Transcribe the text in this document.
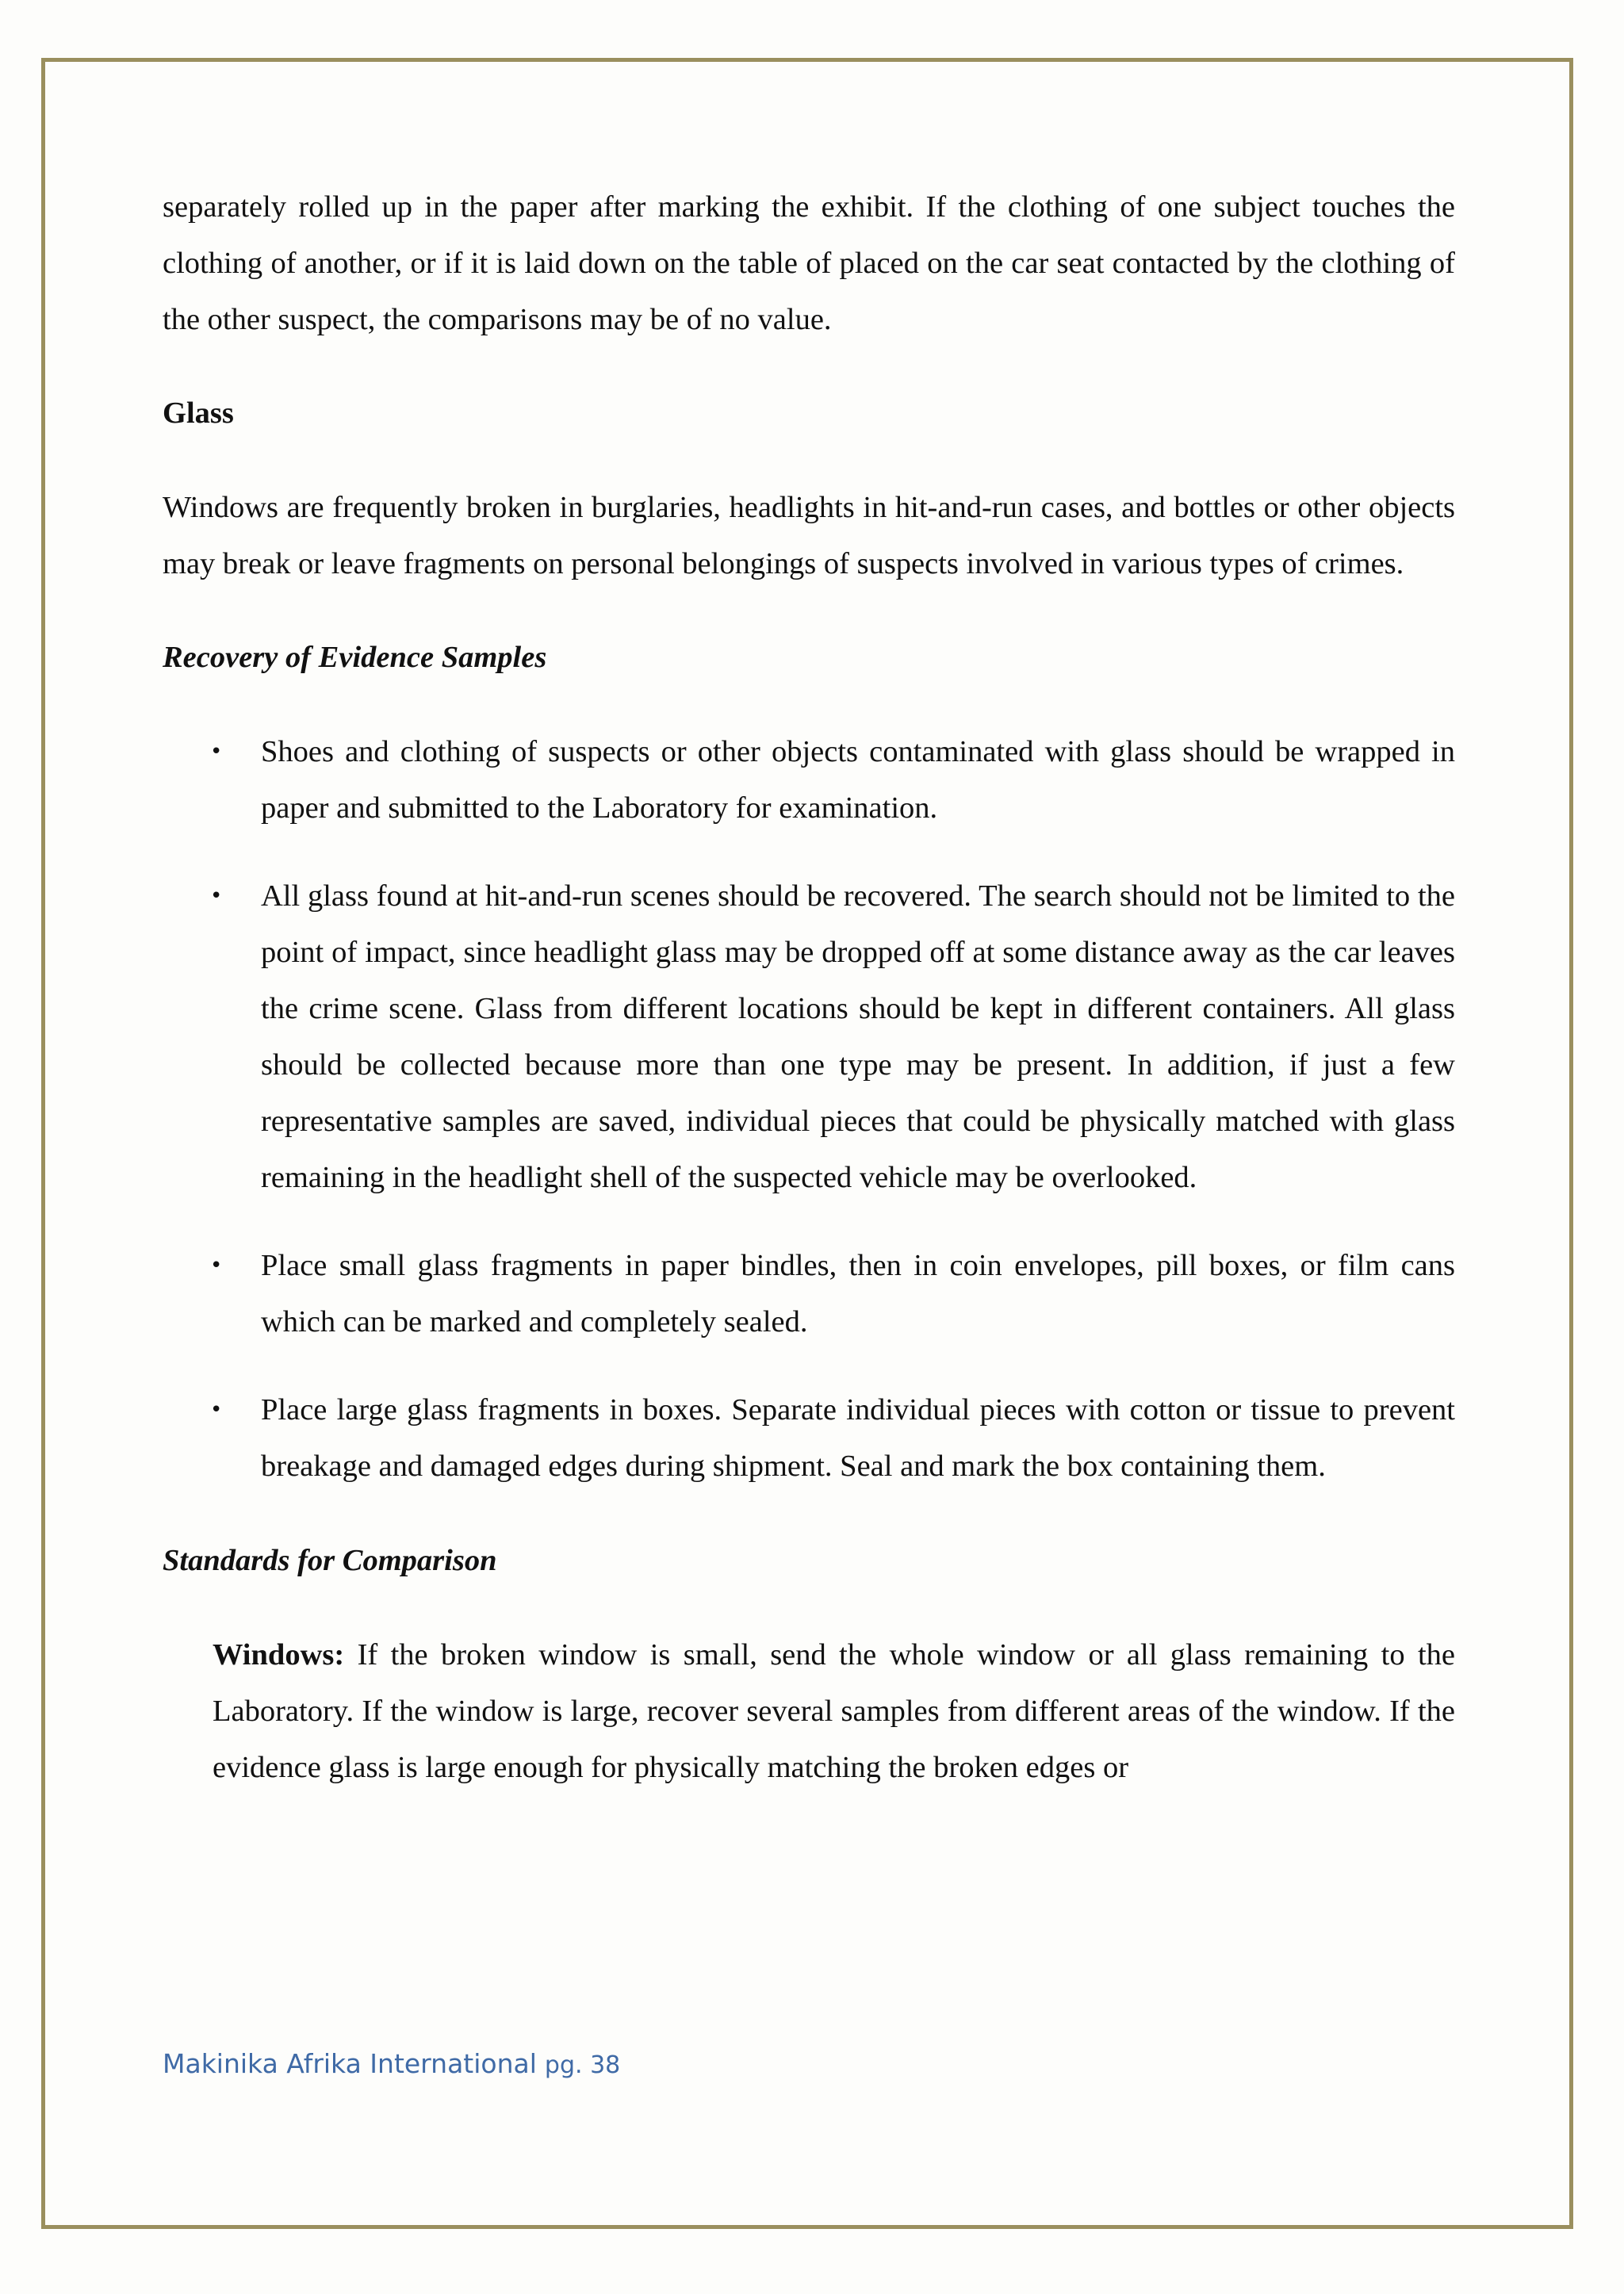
separately rolled up in the paper after marking the exhibit. If the clothing of one subject touches the clothing of another, or if it is laid down on the table of placed on the car seat contacted by the clothing of the other suspect, the comparisons may be of no value.

Glass

Windows are frequently broken in burglaries, headlights in hit-and-run cases, and bottles or other objects may break or leave fragments on personal belongings of suspects involved in various types of crimes.

Recovery of Evidence Samples

• Shoes and clothing of suspects or other objects contaminated with glass should be wrapped in paper and submitted to the Laboratory for examination.
• All glass found at hit-and-run scenes should be recovered. The search should not be limited to the point of impact, since headlight glass may be dropped off at some distance away as the car leaves the crime scene. Glass from different locations should be kept in different containers. All glass should be collected because more than one type may be present. In addition, if just a few representative samples are saved, individual pieces that could be physically matched with glass remaining in the headlight shell of the suspected vehicle may be overlooked.
• Place small glass fragments in paper bindles, then in coin envelopes, pill boxes, or film cans which can be marked and completely sealed.
• Place large glass fragments in boxes. Separate individual pieces with cotton or tissue to prevent breakage and damaged edges during shipment. Seal and mark the box containing them.

Standards for Comparison

Windows: If the broken window is small, send the whole window or all glass remaining to the Laboratory. If the window is large, recover several samples from different areas of the window. If the evidence glass is large enough for physically matching the broken edges or

Makinika Afrika International pg. 38
